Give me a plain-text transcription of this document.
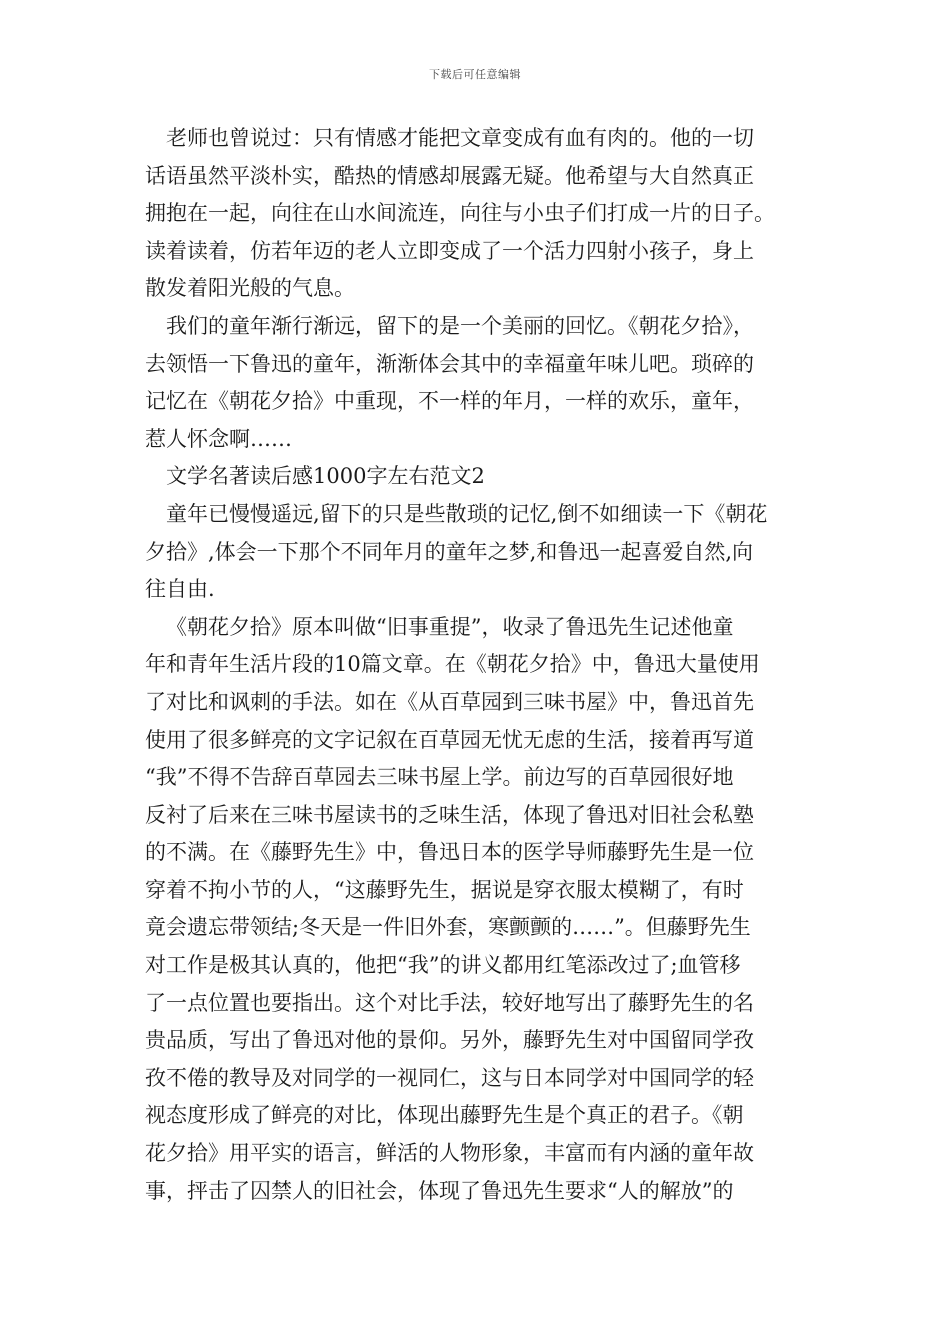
下载后可任意编辑

老师也曾说过：只有情感才能把文章变成有血有肉的。他的一切
话语虽然平淡朴实，酷热的情感却展露无疑。他希望与大自然真正
拥抱在一起，向往在山水间流连，向往与小虫子们打成一片的日子。
读着读着，仿若年迈的老人立即变成了一个活力四射小孩子，身上
散发着阳光般的气息。

我们的童年渐行渐远，留下的是一个美丽的回忆。《朝花夕拾》，
去领悟一下鲁迅的童年，渐渐体会其中的幸福童年味儿吧。琐碎的
记忆在《朝花夕拾》中重现，不一样的年月，一样的欢乐，童年，
惹人怀念啊……

文学名著读后感1000字左右范文2

童年已慢慢遥远,留下的只是些散琐的记忆,倒不如细读一下《朝花
夕拾》,体会一下那个不同年月的童年之梦,和鲁迅一起喜爱自然,向
往自由.

《朝花夕拾》原本叫做“旧事重提”，收录了鲁迅先生记述他童
年和青年生活片段的10篇文章。在《朝花夕拾》中，鲁迅大量使用
了对比和讽刺的手法。如在《从百草园到三味书屋》中，鲁迅首先
使用了很多鲜亮的文字记叙在百草园无忧无虑的生活，接着再写道
“我”不得不告辞百草园去三味书屋上学。前边写的百草园很好地
反衬了后来在三味书屋读书的乏味生活，体现了鲁迅对旧社会私塾
的不满。在《藤野先生》中，鲁迅日本的医学导师藤野先生是一位
穿着不拘小节的人，“这藤野先生，据说是穿衣服太模糊了，有时
竟会遗忘带领结;冬天是一件旧外套，寒颤颤的……”。但藤野先生
对工作是极其认真的，他把“我”的讲义都用红笔添改过了;血管移
了一点位置也要指出。这个对比手法，较好地写出了藤野先生的名
贵品质，写出了鲁迅对他的景仰。另外，藤野先生对中国留同学孜
孜不倦的教导及对同学的一视同仁，这与日本同学对中国同学的轻
视态度形成了鲜亮的对比，体现出藤野先生是个真正的君子。《朝
花夕拾》用平实的语言，鲜活的人物形象，丰富而有内涵的童年故
事，抨击了囚禁人的旧社会，体现了鲁迅先生要求“人的解放”的
